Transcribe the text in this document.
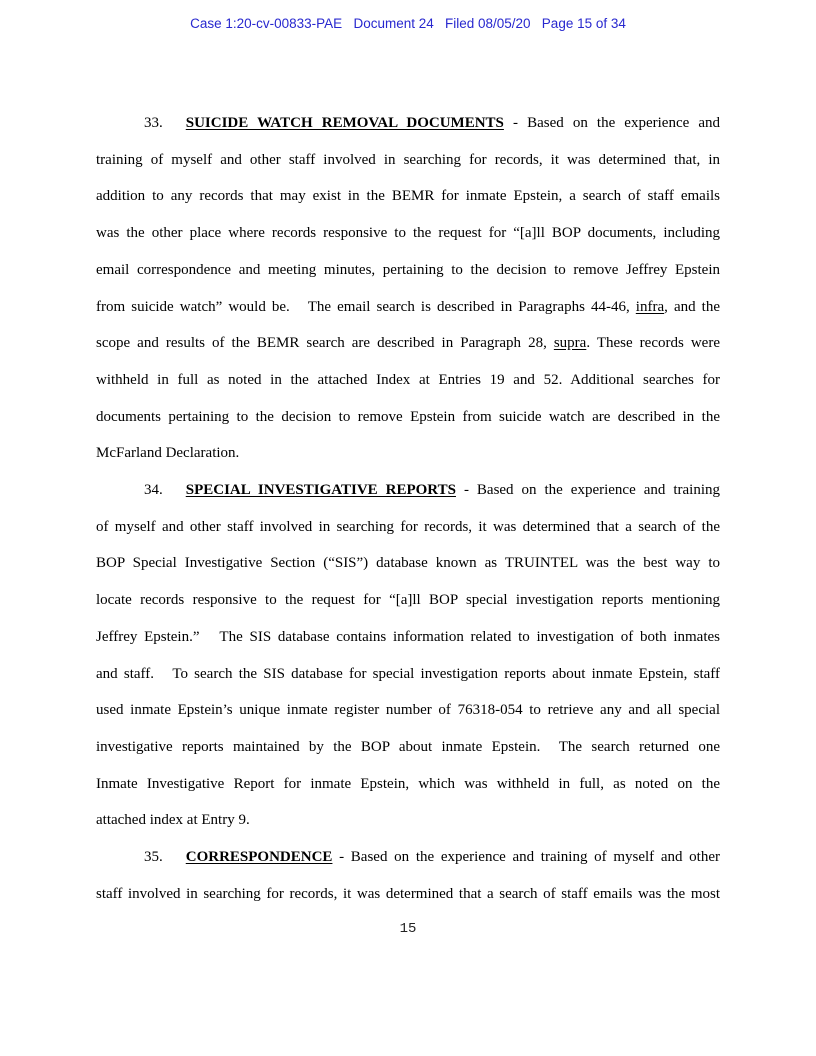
Case 1:20-cv-00833-PAE   Document 24   Filed 08/05/20   Page 15 of 34
33. SUICIDE WATCH REMOVAL DOCUMENTS - Based on the experience and
training of myself and other staff involved in searching for records, it was determined that, in
addition to any records that may exist in the BEMR for inmate Epstein, a search of staff emails
was the other place where records responsive to the request for “[a]ll BOP documents, including
email correspondence and meeting minutes, pertaining to the decision to remove Jeffrey Epstein
from suicide watch” would be.   The email search is described in Paragraphs 44-46, infra, and the
scope and results of the BEMR search are described in Paragraph 28, supra. These records were
withheld in full as noted in the attached Index at Entries 19 and 52. Additional searches for
documents pertaining to the decision to remove Epstein from suicide watch are described in the
McFarland Declaration.
34. SPECIAL INVESTIGATIVE REPORTS - Based on the experience and training
of myself and other staff involved in searching for records, it was determined that a search of the
BOP Special Investigative Section (“SIS”) database known as TRUINTEL was the best way to
locate records responsive to the request for “[a]ll BOP special investigation reports mentioning
Jeffrey Epstein.”   The SIS database contains information related to investigation of both inmates
and staff.   To search the SIS database for special investigation reports about inmate Epstein, staff
used inmate Epstein’s unique inmate register number of 76318-054 to retrieve any and all special
investigative reports maintained by the BOP about inmate Epstein.  The search returned one
Inmate Investigative Report for inmate Epstein, which was withheld in full, as noted on the
attached index at Entry 9.
35. CORRESPONDENCE - Based on the experience and training of myself and other
staff involved in searching for records, it was determined that a search of staff emails was the most
15
